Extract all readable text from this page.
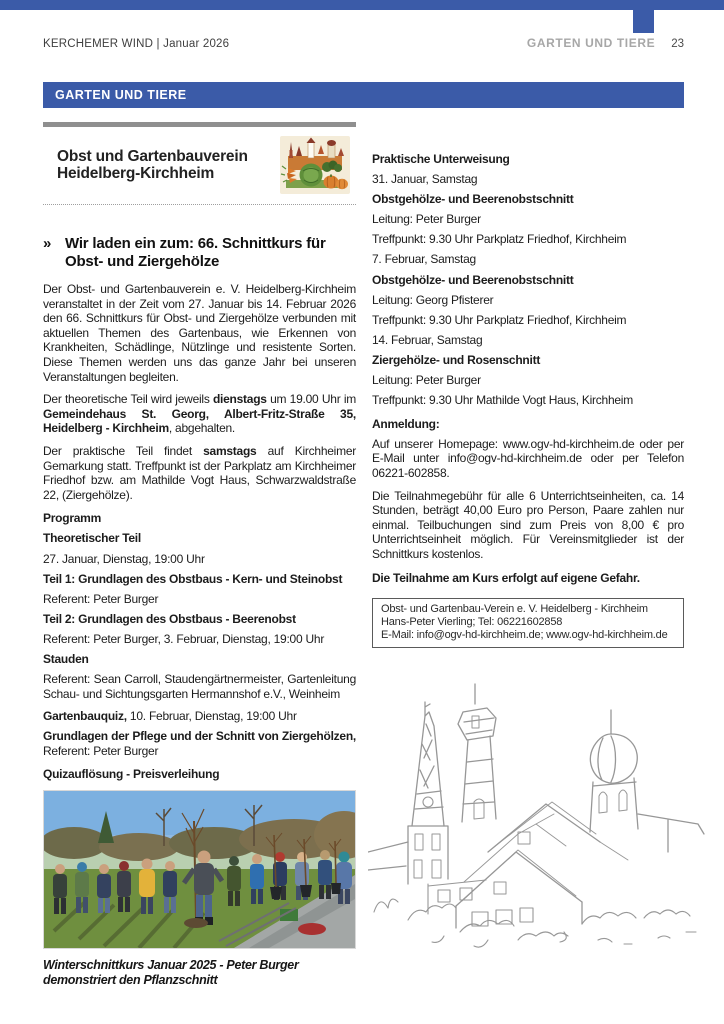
KERCHEMER WIND | Januar 2026	GARTEN UND TIERE 23
GARTEN UND TIERE
Obst und Gartenbauverein
Heidelberg-Kirchheim
» Wir laden ein zum: 66. Schnittkurs für Obst- und Ziergehölze

Der Obst- und Gartenbauverein e. V. Heidelberg-Kirchheim veranstaltet in der Zeit vom 27. Januar bis 14. Februar 2026 den 66. Schnittkurs für Obst- und Ziergehölze verbunden mit aktuellen Themen des Gartenbaus, wie Erkennen von Krankheiten, Schädlinge, Nützlinge und resistente Sorten. Diese Themen werden uns das ganze Jahr bei unseren Veranstaltungen begleiten.

Der theoretische Teil wird jeweils dienstags um 19.00 Uhr im Gemeindehaus St. Georg, Albert-Fritz-Straße 35, Heidelberg - Kirchheim, abgehalten.

Der praktische Teil findet samstags auf Kirchheimer Gemarkung statt. Treffpunkt ist der Parkplatz am Kirchheimer Friedhof bzw. am Mathilde Vogt Haus, Schwarzwaldstraße 22, (Ziergehölze).

Programm

Theoretischer Teil

27. Januar, Dienstag, 19:00 Uhr

Teil 1: Grundlagen des Obstbaus - Kern- und Steinobst

Referent: Peter Burger

Teil 2: Grundlagen des Obstbaus - Beerenobst

Referent: Peter Burger, 3. Februar, Dienstag, 19:00 Uhr

Stauden

Referent: Sean Carroll, Staudengärtnermeister, Gartenleitung Schau- und Sichtungsgarten Hermannshof e.V., Weinheim

Gartenbauquiz, 10. Februar, Dienstag, 19:00 Uhr

Grundlagen der Pflege und der Schnitt von Ziergehölzen, Referent: Peter Burger

Quizauflösung - Preisverleihung

Winterschnittkurs Januar 2025 - Peter Burger demonstriert den Pflanzschnitt

Praktische Unterweisung

31. Januar, Samstag

Obstgehölze- und Beerenobstschnitt

Leitung: Peter Burger

Treffpunkt: 9.30 Uhr Parkplatz Friedhof, Kirchheim

7. Februar, Samstag

Obstgehölze- und Beerenobstschnitt

Leitung: Georg Pfisterer

Treffpunkt: 9.30 Uhr Parkplatz Friedhof, Kirchheim

14. Februar, Samstag

Ziergehölze- und Rosenschnitt

Leitung: Peter Burger

Treffpunkt: 9.30 Uhr Mathilde Vogt Haus, Kirchheim

Anmeldung:

Auf unserer Homepage: www.ogv-hd-kirchheim.de oder per E-Mail unter info@ogv-hd-kirchheim.de oder per Telefon 06221-602858.

Die Teilnahmegebühr für alle 6 Unterrichtseinheiten, ca. 14 Stunden, beträgt 40,00 Euro pro Person, Paare zahlen nur einmal. Teilbuchungen sind zum Preis von 8,00 € pro Unterrichtseinheit möglich. Für Vereinsmitglieder ist der Schnittkurs kostenlos.

Die Teilnahme am Kurs erfolgt auf eigene Gefahr.

Obst- und Gartenbau-Verein e. V. Heidelberg - Kirchheim

Hans-Peter Vierling; Tel: 06221602858

E-Mail: info@ogv-hd-kirchheim.de; www.ogv-hd-kirchheim.de
